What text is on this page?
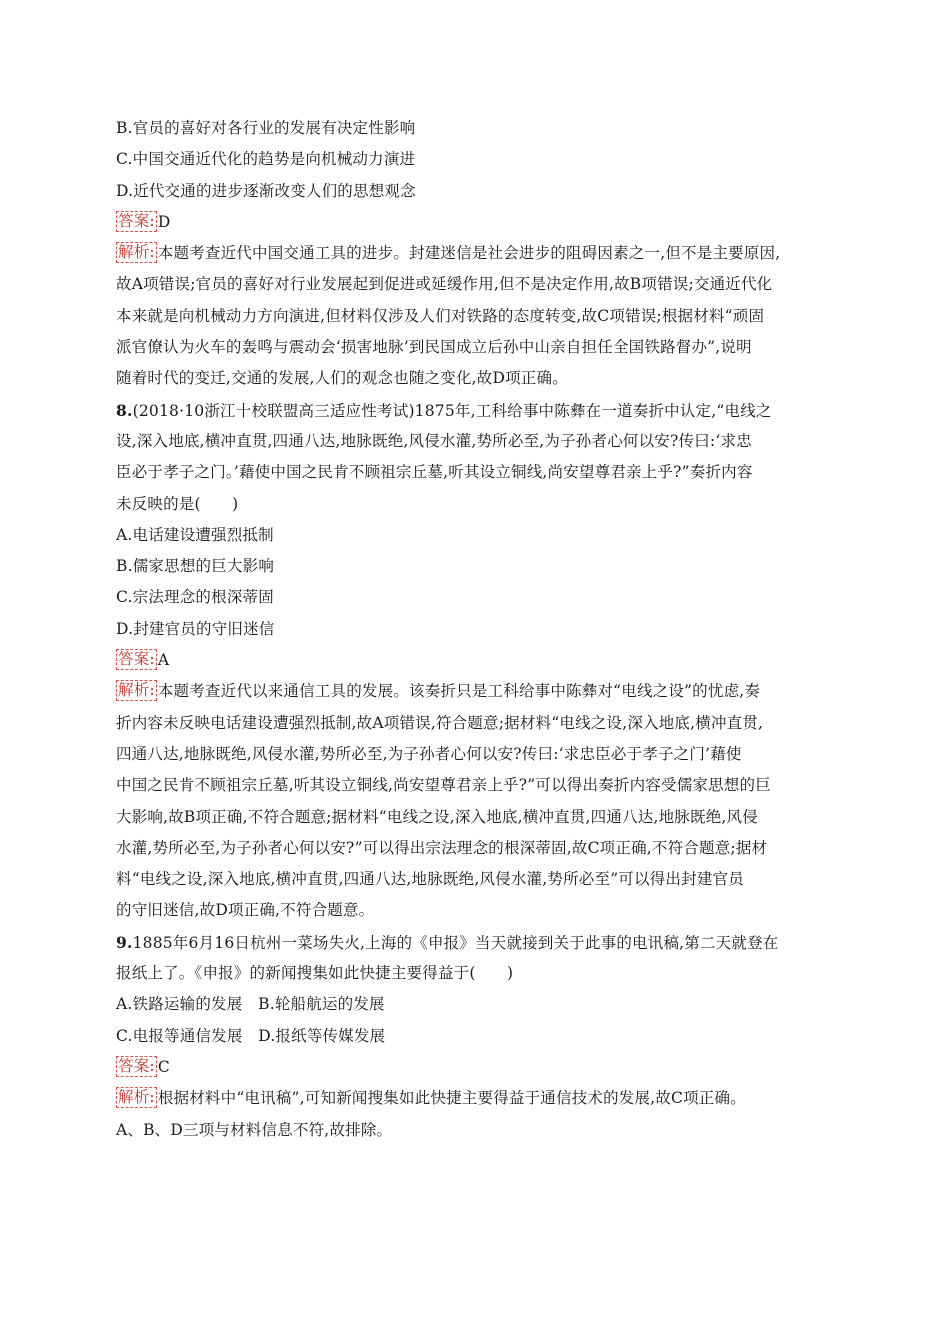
B.官员的喜好对各行业的发展有决定性影响
C.中国交通近代化的趋势是向机械动力演进
D.近代交通的进步逐渐改变人们的思想观念
答案: D
解析: 本题考查近代中国交通工具的进步。封建迷信是社会进步的阻碍因素之一,但不是主要原因,
故A项错误;官员的喜好对行业发展起到促进或延缓作用,但不是决定作用,故B项错误;交通近代化
本来就是向机械动力方向演进,但材料仅涉及人们对铁路的态度转变,故C项错误;根据材料“顽固
派官僚认为火车的轰鸣与震动会‘损害地脉’到民国成立后孙中山亲自担任全国铁路督办”,说明
随着时代的变迁,交通的发展,人们的观念也随之变化,故D项正确。
8.(2018·10浙江十校联盟高三适应性考试)1875年,工科给事中陈彝在一道奏折中认定,“电线之
设,深入地底,横冲直贯,四通八达,地脉既绝,风侵水灌,势所必至,为子孙者心何以安?传曰:‘求忠
臣必于孝子之门。’藉使中国之民肯不顾祖宗丘墓,听其设立铜线,尚安望尊君亲上乎?”奏折内容
未反映的是(　　)
A.电话建设遭强烈抵制
B.儒家思想的巨大影响
C.宗法理念的根深蒂固
D.封建官员的守旧迷信
答案: A
解析: 本题考查近代以来通信工具的发展。该奏折只是工科给事中陈彝对“电线之设”的忧虑,奏
折内容未反映电话建设遭强烈抵制,故A项错误,符合题意;据材料“电线之设,深入地底,横冲直贯,
四通八达,地脉既绝,风侵水灌,势所必至,为子孙者心何以安?传曰:‘求忠臣必于孝子之门’藉使
中国之民肯不顾祖宗丘墓,听其设立铜线,尚安望尊君亲上乎?”可以得出奏折内容受儒家思想的巨
大影响,故B项正确,不符合题意;据材料“电线之设,深入地底,横冲直贯,四通八达,地脉既绝,风侵
水灌,势所必至,为子孙者心何以安?”可以得出宗法理念的根深蒂固,故C项正确,不符合题意;据材
料“电线之设,深入地底,横冲直贯,四通八达,地脉既绝,风侵水灌,势所必至”可以得出封建官员
的守旧迷信,故D项正确,不符合题意。
9.1885年6月16日杭州一菜场失火,上海的《申报》当天就接到关于此事的电讯稿,第二天就登在
报纸上了。《申报》的新闻搜集如此快捷主要得益于(　　)
A.铁路运输的发展　B.轮船航运的发展
C.电报等通信发展　D.报纸等传媒发展
答案: C
解析: 根据材料中“电讯稿”,可知新闻搜集如此快捷主要得益于通信技术的发展,故C项正确。
A、B、D三项与材料信息不符,故排除。
